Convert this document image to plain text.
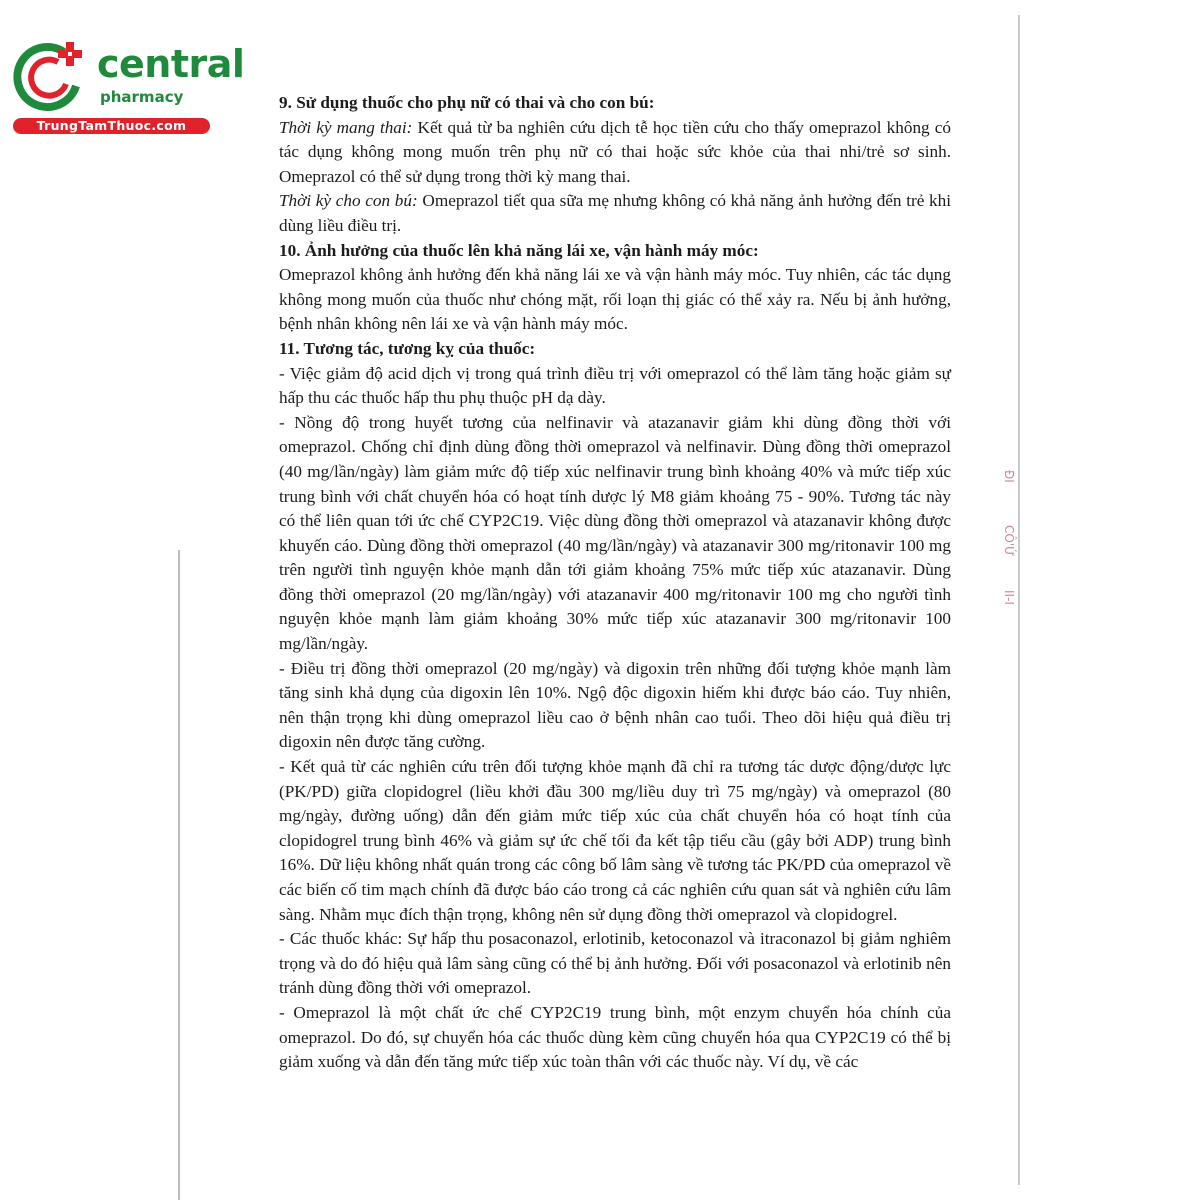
central
pharmacy
TrungTamThuoc.com
ĐI
CÔ'Ứ
II-I
9. Sử dụng thuốc cho phụ nữ có thai và cho con bú:

Thời kỳ mang thai: Kết quả từ ba nghiên cứu dịch tễ học tiền cứu cho thấy omeprazol không có tác dụng không mong muốn trên phụ nữ có thai hoặc sức khỏe của thai nhi/trẻ sơ sinh. Omeprazol có thể sử dụng trong thời kỳ mang thai.

Thời kỳ cho con bú: Omeprazol tiết qua sữa mẹ nhưng không có khả năng ảnh hưởng đến trẻ khi dùng liều điều trị.

10. Ảnh hưởng của thuốc lên khả năng lái xe, vận hành máy móc:

Omeprazol không ảnh hưởng đến khả năng lái xe và vận hành máy móc. Tuy nhiên, các tác dụng không mong muốn của thuốc như chóng mặt, rối loạn thị giác có thể xảy ra. Nếu bị ảnh hưởng, bệnh nhân không nên lái xe và vận hành máy móc.

11. Tương tác, tương kỵ của thuốc:

- Việc giảm độ acid dịch vị trong quá trình điều trị với omeprazol có thể làm tăng hoặc giảm sự hấp thu các thuốc hấp thu phụ thuộc pH dạ dày.

- Nồng độ trong huyết tương của nelfinavir và atazanavir giảm khi dùng đồng thời với omeprazol. Chống chỉ định dùng đồng thời omeprazol và nelfinavir. Dùng đồng thời omeprazol (40 mg/lần/ngày) làm giảm mức độ tiếp xúc nelfinavir trung bình khoảng 40% và mức tiếp xúc trung bình với chất chuyển hóa có hoạt tính dược lý M8 giảm khoảng 75 - 90%. Tương tác này có thể liên quan tới ức chế CYP2C19. Việc dùng đồng thời omeprazol và atazanavir không được khuyến cáo. Dùng đồng thời omeprazol (40 mg/lần/ngày) và atazanavir 300 mg/ritonavir 100 mg trên người tình nguyện khỏe mạnh dẫn tới giảm khoảng 75% mức tiếp xúc atazanavir. Dùng đồng thời omeprazol (20 mg/lần/ngày) với atazanavir 400 mg/ritonavir 100 mg cho người tình nguyện khỏe mạnh làm giảm khoảng 30% mức tiếp xúc atazanavir 300 mg/ritonavir 100 mg/lần/ngày.

- Điều trị đồng thời omeprazol (20 mg/ngày) và digoxin trên những đối tượng khỏe mạnh làm tăng sinh khả dụng của digoxin lên 10%. Ngộ độc digoxin hiếm khi được báo cáo. Tuy nhiên, nên thận trọng khi dùng omeprazol liều cao ở bệnh nhân cao tuổi. Theo dõi hiệu quả điều trị digoxin nên được tăng cường.

- Kết quả từ các nghiên cứu trên đối tượng khỏe mạnh đã chỉ ra tương tác dược động/dược lực (PK/PD) giữa clopidogrel (liều khởi đầu 300 mg/liều duy trì 75 mg/ngày) và omeprazol (80 mg/ngày, đường uống) dẫn đến giảm mức tiếp xúc của chất chuyển hóa có hoạt tính của clopidogrel trung bình 46% và giảm sự ức chế tối đa kết tập tiểu cầu (gây bởi ADP) trung bình 16%. Dữ liệu không nhất quán trong các công bố lâm sàng về tương tác PK/PD của omeprazol về các biến cố tim mạch chính đã được báo cáo trong cả các nghiên cứu quan sát và nghiên cứu lâm sàng. Nhằm mục đích thận trọng, không nên sử dụng đồng thời omeprazol và clopidogrel.

- Các thuốc khác: Sự hấp thu posaconazol, erlotinib, ketoconazol và itraconazol bị giảm nghiêm trọng và do đó hiệu quả lâm sàng cũng có thể bị ảnh hưởng. Đối với posaconazol và erlotinib nên tránh dùng đồng thời với omeprazol.

- Omeprazol là một chất ức chế CYP2C19 trung bình, một enzym chuyển hóa chính của omeprazol. Do đó, sự chuyển hóa các thuốc dùng kèm cũng chuyển hóa qua CYP2C19 có thể bị giảm xuống và dẫn đến tăng mức tiếp xúc toàn thân với các thuốc này. Ví dụ, về các
